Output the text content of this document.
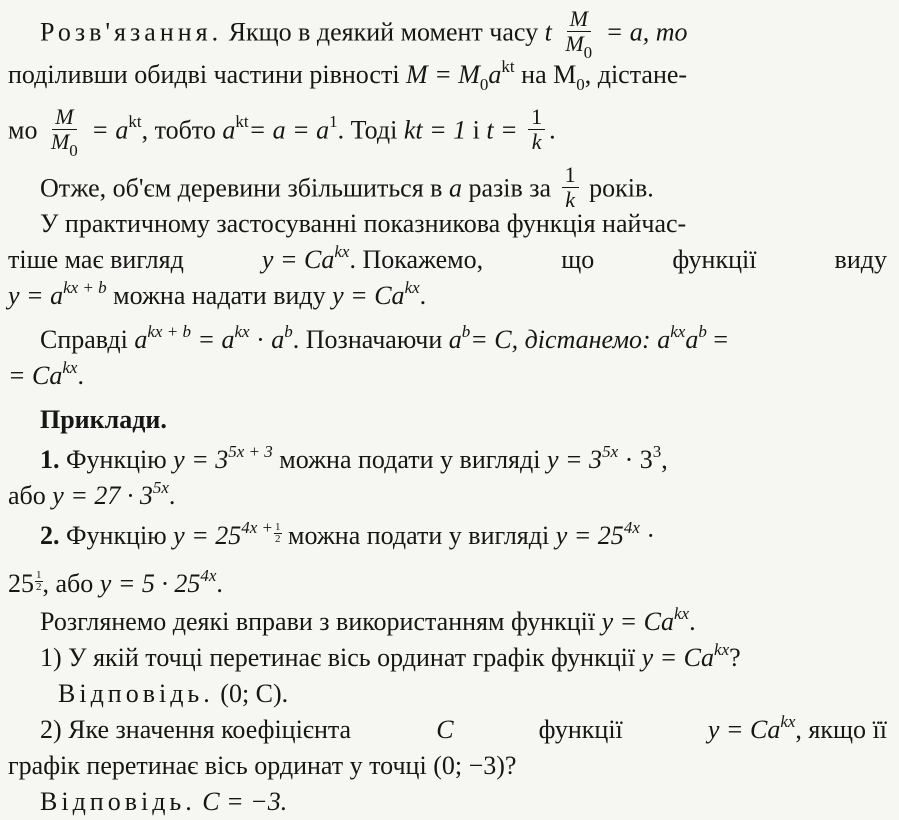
Розв'язання. Якщо в деякий момент часу t $\frac{M}{M_0} = a$, то
поділивши обидві частини рівності $M = M_0a^{kt}$ на $M_0$, дістане-
мо $\frac{M}{M_0} = a^{kt}$, тобто $a^{kt}= a = a^1$. Тоді kt = 1 і $t = \frac{1}{k}$ .
Отже, об'єм деревини збільшиться в a разів за $\frac{1}{k}$ років.
У практичному застосуванні показникова функція найчас-
тіше має вигляд	$y = Ca^{kx}$. Покажемо,	що	функції	виду
$y = a^{kx + b}$ можна надати виду $y = Ca^{kx}$.
Справді $a^{kx + b} = a^{kx} \cdot a^b$. Позначаючи $a^b= C$, дістанемо: $a^{kx}a^b$ =
= $Ca^{kx}$.
Приклади.
1. Функцію $y = 3^{5x + 3}$ можна подати у вигляді $y = 3^{5x} \cdot 3^3$,
або $y = 27 \cdot 3^{5x}$.
2. Функцію $y = 25^{4x +} \frac{1}{2}$ можна подати у вигляді $y = 25^{4x}$ ·
$25 \frac{1}{2}$ , або $y = 5 \cdot 25^{4x}$.
Розглянемо деякі вправи з використанням функції $y = Ca^{kx}$.
1) У якій точці перетинає вісь ординат графік функції $y = Ca^{kx}$?
Відповідь. (0; C).
2) Яке значення коефіцієнта	C	функції	$y = Ca^{kx}$, якщо її
графік перетинає вісь ординат у точці (0; −3)?
Відповідь. C = −3.
